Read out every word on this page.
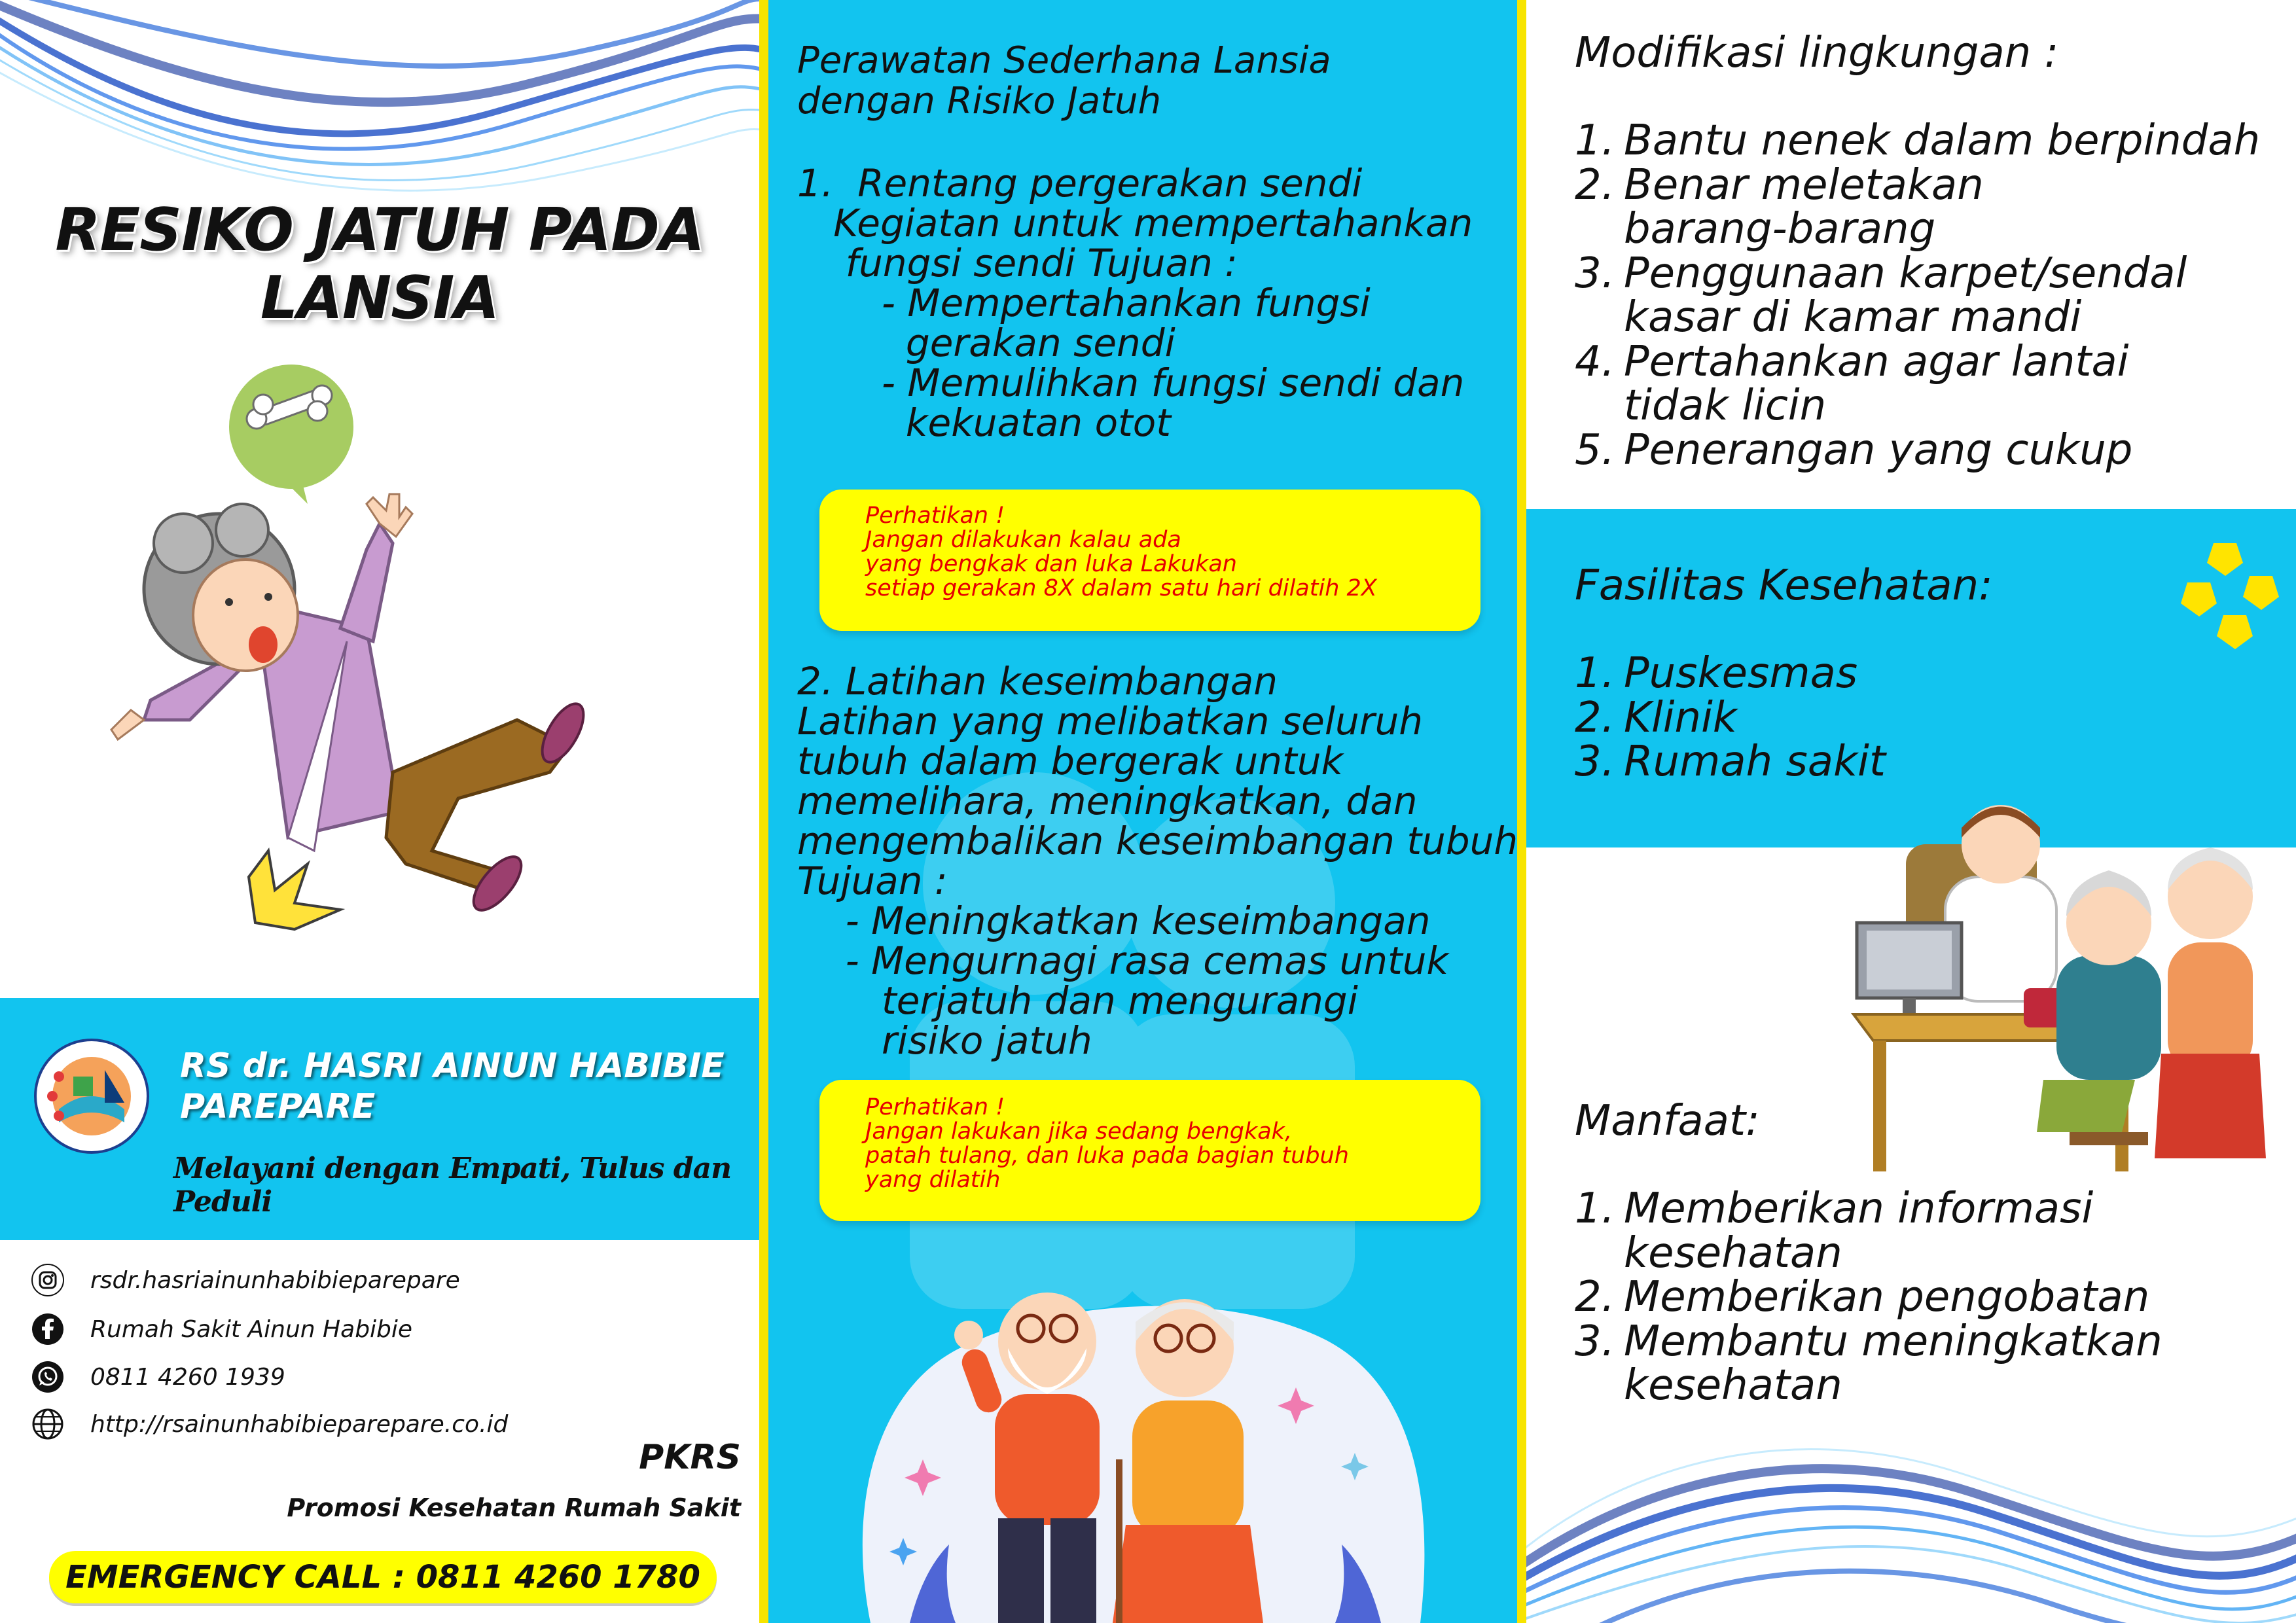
RESIKO JATUH PADA
LANSIA
RS dr. HASRI AINUN HABIBIE
PAREPARE
Melayani dengan Empati, Tulus dan Peduli
rsdr.hasriainunhabibieparepare
Rumah Sakit Ainun Habibie
0811 4260 1939
http://rsainunhabibieparepare.co.id
PKRS
Promosi Kesehatan Rumah Sakit
EMERGENCY CALL : 0811 4260 1780
Perawatan Sederhana Lansia
dengan Risiko Jatuh
1.  Rentang pergerakan sendi
Kegiatan untuk mempertahankan
fungsi sendi Tujuan :
- Mempertahankan fungsi
gerakan sendi
- Memulihkan fungsi sendi dan
kekuatan otot
Perhatikan !
Jangan dilakukan kalau ada
yang bengkak dan luka Lakukan
setiap gerakan 8X dalam satu hari dilatih 2X
2. Latihan keseimbangan
Latihan yang melibatkan seluruh
tubuh dalam bergerak untuk
memelihara, meningkatkan, dan
mengembalikan keseimbangan tubuh
Tujuan :
- Meningkatkan keseimbangan
- Mengurnagi rasa cemas untuk
terjatuh dan mengurangi
risiko jatuh
Perhatikan !
Jangan lakukan jika sedang bengkak,
patah tulang, dan luka pada bagian tubuh
yang dilatih
Modifikasi lingkungan :
1. Bantu nenek dalam berpindah
2. Benar meletakan
barang-barang
3. Penggunaan karpet/sendal
kasar di kamar mandi
4. Pertahankan agar lantai
tidak licin
5. Penerangan yang cukup
Fasilitas Kesehatan:
1. Puskesmas
2. Klinik
3. Rumah sakit
Manfaat:
1. Memberikan informasi
kesehatan
2. Memberikan pengobatan
3. Membantu meningkatkan
kesehatan
